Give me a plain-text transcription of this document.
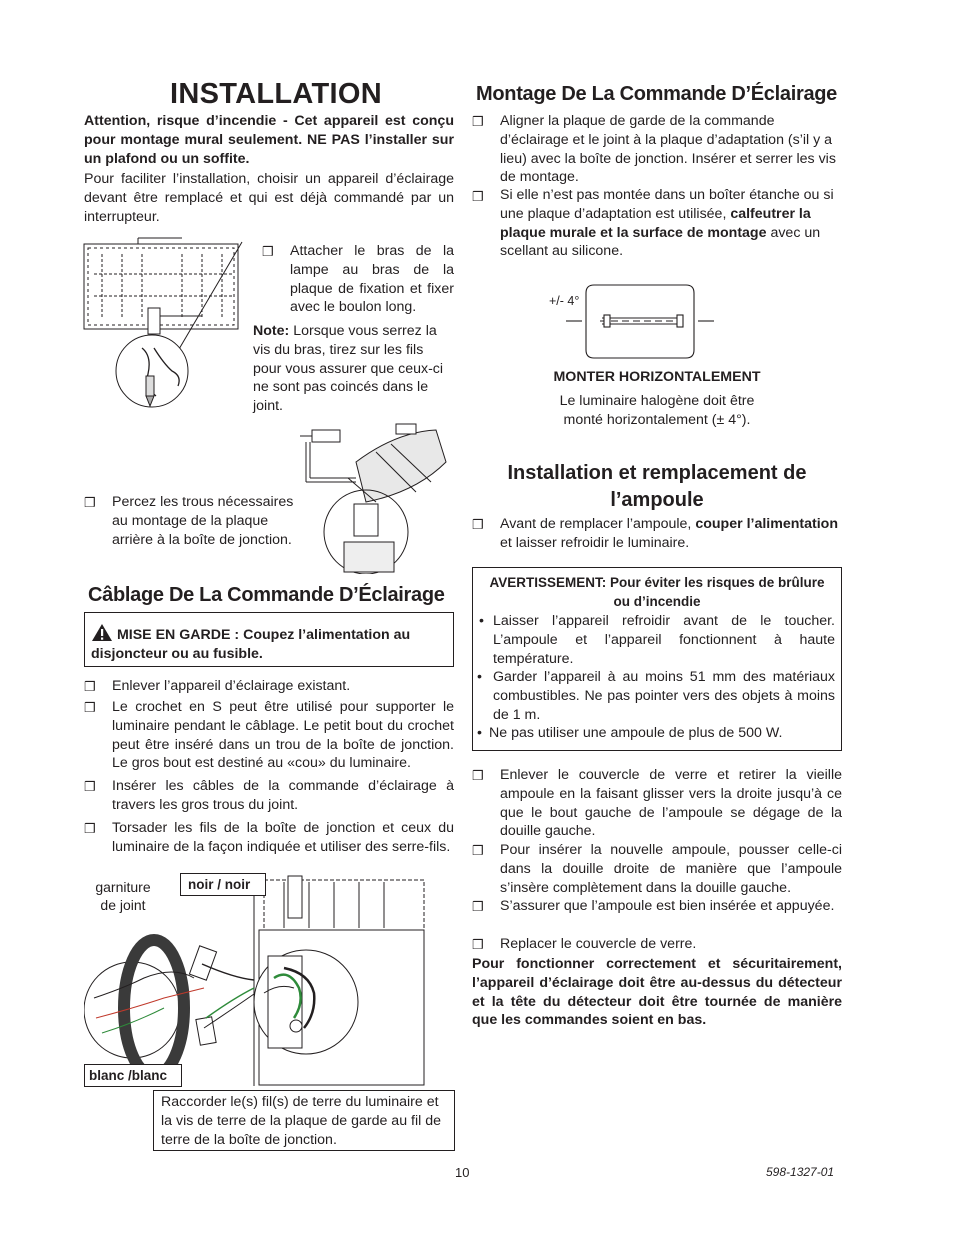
INSTALLATION
Attention, risque d’incendie - Cet appareil est conçu pour montage mural seulement. NE PAS l’installer sur un plafond ou un soffite.
Pour faciliter l’installation, choisir un appareil d’éclairage devant être remplacé et qui est déjà commandé par un interrupteur.
❒ Attacher le bras de la lampe au bras de la plaque de fixation et fixer avec le boulon long.
Note: Lorsque vous serrez la vis du bras, tirez sur les fils pour vous assurer que ceux-ci ne sont pas coincés dans le joint.
❒ Percez les trous nécessaires au montage de la plaque arrière à la boîte de jonction.
Câblage De La Commande D’Éclairage
MISE EN GARDE : Coupez l’alimentation au disjoncteur ou au fusible.
❒ Enlever l’appareil d’éclairage existant.
❒ Le crochet en S peut être utilisé pour supporter le luminaire pendant le câblage. Le petit bout du crochet peut être inséré dans un trou de la boîte de jonction. Le gros bout est destiné au «cou» du luminaire.
❒ Insérer les câbles de la commande d’éclairage à travers les gros trous du joint.
❒ Torsader les fils de la boîte de jonction et ceux du luminaire de la façon indiquée et utiliser des serre-fils.
garniture
de joint
noir / noir
blanc /blanc
Raccorder le(s) fil(s) de terre du luminaire et la vis de terre de la plaque de garde au fil de terre de la boîte de jonction.
Montage De La Commande D’Éclairage
❒ Aligner la plaque de garde de la commande d’éclairage et le joint à la plaque d’adaptation (s’il y a lieu) avec la boîte de jonction. Insérer et serrer les vis de montage.
❒ Si elle n’est pas montée dans un boîter étanche ou si une plaque d’adaptation est utilisée, calfeutrer la plaque murale et la surface de montage avec un scellant au silicone.
+/- 4°
MONTER HORIZONTALEMENT
Le luminaire halogène doit être monté horizontalement (± 4°).
Installation et remplacement de l’ampoule
❒ Avant de remplacer l’ampoule, couper l’alimentation et laisser refroidir le luminaire.
AVERTISSEMENT: Pour éviter les risques de brûlure ou d’incendie
• Laisser l’appareil refroidir avant de le toucher. L’ampoule et l’appareil fonctionnent à haute température.
• Garder l’appareil à au moins 51 mm des matériaux combustibles. Ne pas pointer vers des objets à moins de 1 m.
• Ne pas utiliser une ampoule de plus de 500 W.
❒ Enlever le couvercle de verre et retirer la vieille ampoule en la faisant glisser vers la droite jusqu’à ce que le bout gauche de l’ampoule se dégage de la douille gauche.
❒ Pour insérer la nouvelle ampoule, pousser celle-ci dans la douille droite de manière que l’ampoule s’insère complètement dans la douille gauche.
❒ S’assurer que l’ampoule est bien insérée et appuyée.
❒ Replacer le couvercle de verre.
Pour fonctionner correctement et sécuritairement, l’appareil d’éclairage doit être au-dessus du détecteur et la tête du détecteur doit être tournée de manière que les commandes soient en bas.
10	598-1327-01
